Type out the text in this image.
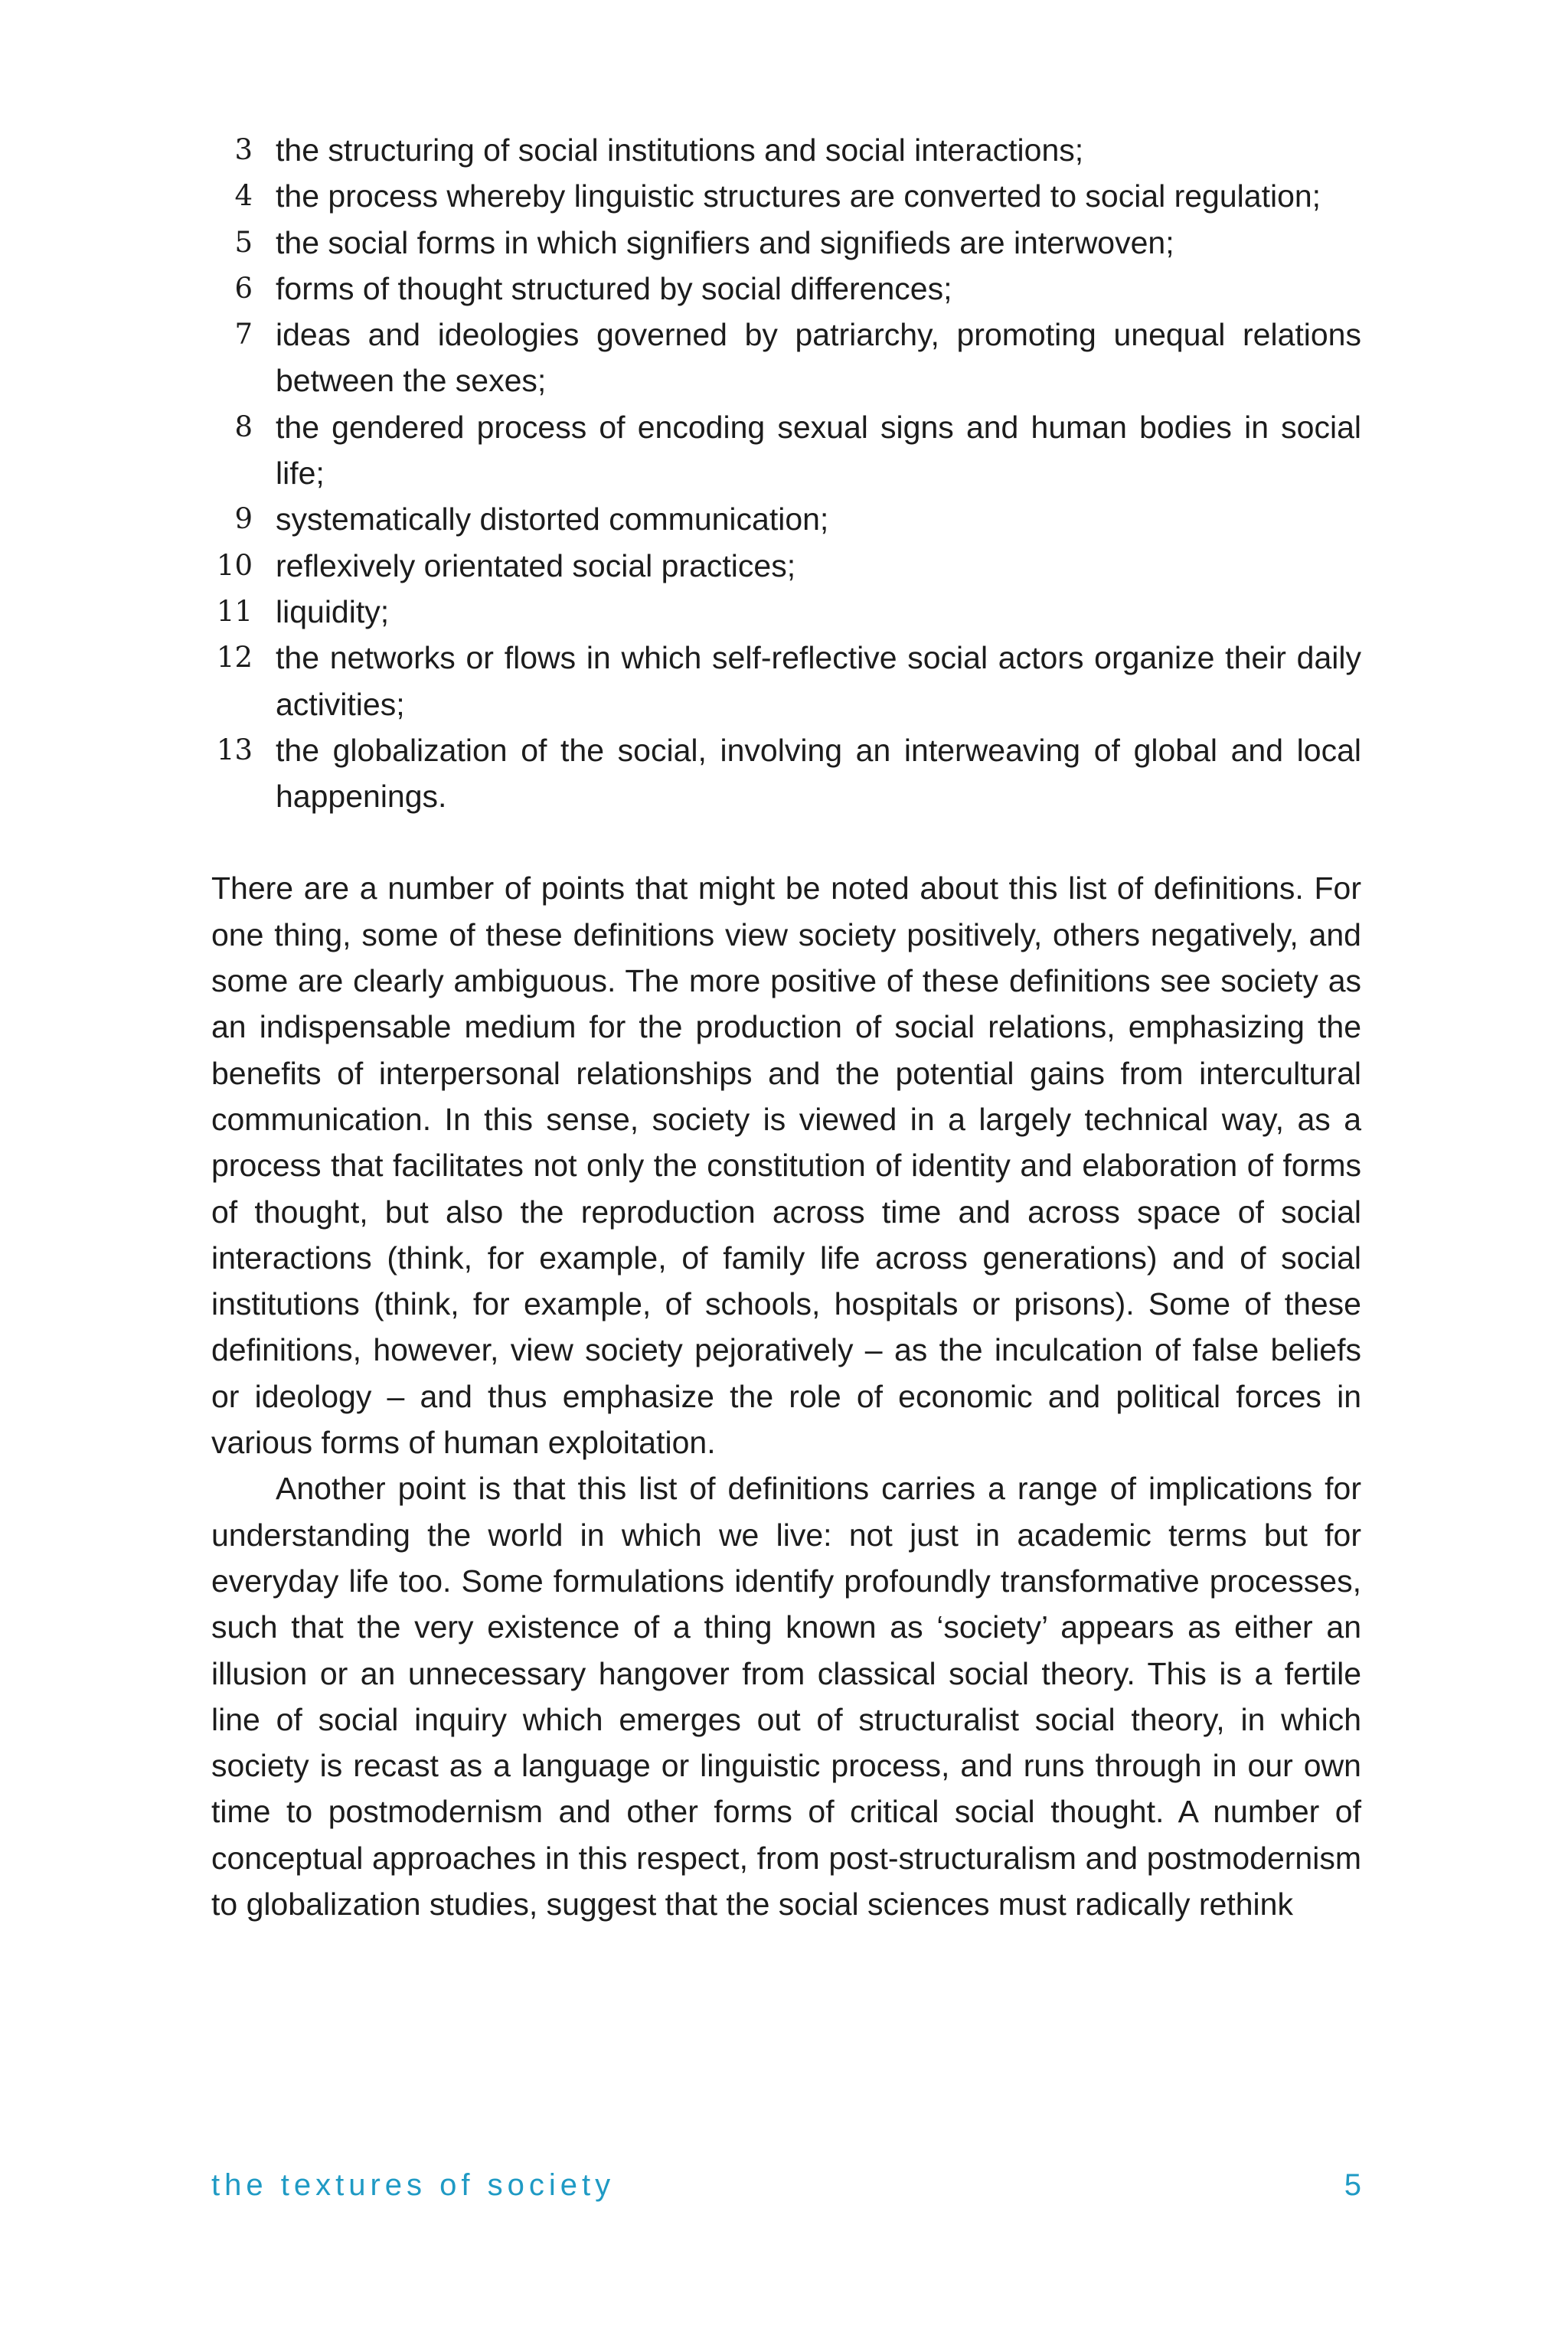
3 the structuring of social institutions and social interactions;
4 the process whereby linguistic structures are converted to social regulation;
5 the social forms in which signifiers and signifieds are interwoven;
6 forms of thought structured by social differences;
7 ideas and ideologies governed by patriarchy, promoting unequal relations between the sexes;
8 the gendered process of encoding sexual signs and human bodies in social life;
9 systematically distorted communication;
10 reflexively orientated social practices;
11 liquidity;
12 the networks or flows in which self-reflective social actors organize their daily activities;
13 the globalization of the social, involving an interweaving of global and local happenings.

There are a number of points that might be noted about this list of definitions. For one thing, some of these definitions view society positively, others negatively, and some are clearly ambiguous. The more positive of these definitions see society as an indispensable medium for the production of social relations, emphasizing the benefits of interpersonal relationships and the potential gains from intercultural communication. In this sense, society is viewed in a largely technical way, as a process that facilitates not only the constitution of identity and elaboration of forms of thought, but also the reproduction across time and across space of social interactions (think, for example, of family life across generations) and of social institutions (think, for example, of schools, hospitals or prisons). Some of these definitions, however, view society pejoratively – as the inculcation of false beliefs or ideology – and thus emphasize the role of economic and political forces in various forms of human exploitation.

Another point is that this list of definitions carries a range of implications for understanding the world in which we live: not just in academic terms but for everyday life too. Some formulations identify profoundly transformative processes, such that the very existence of a thing known as ‘society’ appears as either an illusion or an unnecessary hangover from classical social theory. This is a fertile line of social inquiry which emerges out of structuralist social theory, in which society is recast as a language or linguistic process, and runs through in our own time to postmodernism and other forms of critical social thought. A number of conceptual approaches in this respect, from post-structuralism and postmodernism to globalization studies, suggest that the social sciences must radically rethink

the textures of society	5
